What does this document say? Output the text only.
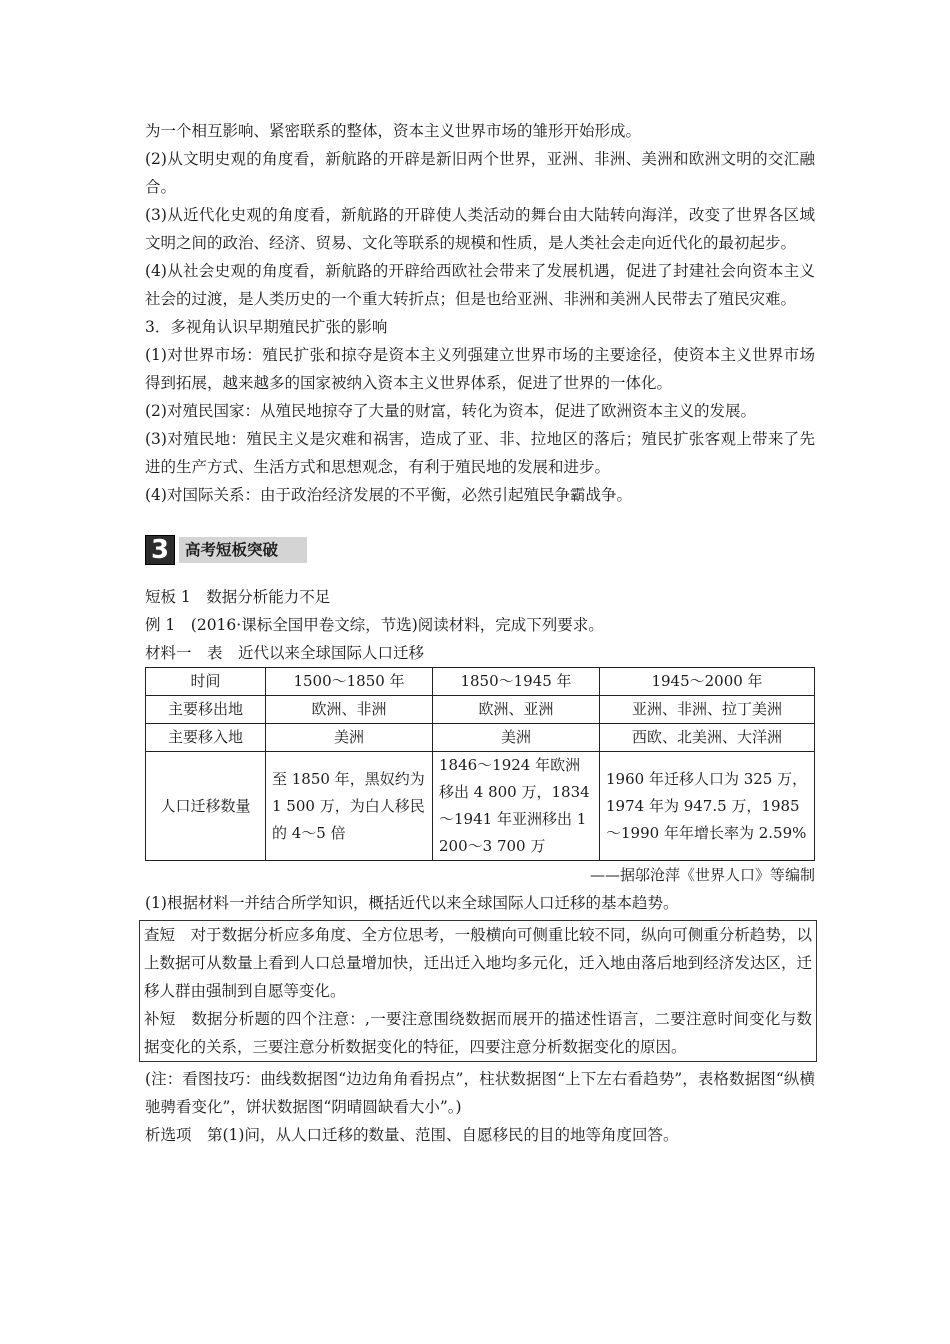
为一个相互影响、紧密联系的整体，资本主义世界市场的雏形开始形成。

(2)从文明史观的角度看，新航路的开辟是新旧两个世界，亚洲、非洲、美洲和欧洲文明的交汇融合。

(3)从近代化史观的角度看，新航路的开辟使人类活动的舞台由大陆转向海洋，改变了世界各区域文明之间的政治、经济、贸易、文化等联系的规模和性质，是人类社会走向近代化的最初起步。

(4)从社会史观的角度看，新航路的开辟给西欧社会带来了发展机遇，促进了封建社会向资本主义社会的过渡，是人类历史的一个重大转折点；但是也给亚洲、非洲和美洲人民带去了殖民灾难。

3．多视角认识早期殖民扩张的影响

(1)对世界市场：殖民扩张和掠夺是资本主义列强建立世界市场的主要途径，使资本主义世界市场得到拓展，越来越多的国家被纳入资本主义世界体系，促进了世界的一体化。

(2)对殖民国家：从殖民地掠夺了大量的财富，转化为资本，促进了欧洲资本主义的发展。

(3)对殖民地：殖民主义是灾难和祸害，造成了亚、非、拉地区的落后；殖民扩张客观上带来了先进的生产方式、生活方式和思想观念，有利于殖民地的发展和进步。

(4)对国际关系：由于政治经济发展的不平衡，必然引起殖民争霸战争。

3	高考短板突破

短板 1　数据分析能力不足

例 1　(2016·课标全国甲卷文综，节选)阅读材料，完成下列要求。

材料一　表　近代以来全球国际人口迁移

时间	1500～1850 年	1850～1945 年	1945～2000 年
主要移出地	欧洲、非洲	欧洲、亚洲	亚洲、非洲、拉丁美洲
主要移入地	美洲	美洲	西欧、北美洲、大洋洲
人口迁移数量	至 1850 年，黑奴约为 1 500 万，为白人移民的 4～5 倍	1846～1924 年欧洲移出 4 800 万，1834～1941 年亚洲移出 1 200～3 700 万	1960 年迁移人口为 325 万，1974 年为 947.5 万，1985～1990 年年增长率为 2.59%

——据邬沧萍《世界人口》等编制

(1)根据材料一并结合所学知识，概括近代以来全球国际人口迁移的基本趋势。

查短　对于数据分析应多角度、全方位思考，一般横向可侧重比较不同，纵向可侧重分析趋势，以上数据可从数量上看到人口总量增加快，迁出迁入地均多元化，迁入地由落后地到经济发达区，迁移人群由强制到自愿等变化。

补短　数据分析题的四个注意：,一要注意围绕数据而展开的描述性语言，二要注意时间变化与数据变化的关系，三要注意分析数据变化的特征，四要注意分析数据变化的原因。

(注：看图技巧：曲线数据图“边边角角看拐点”，柱状数据图“上下左右看趋势”，表格数据图“纵横驰骋看变化”，饼状数据图“阴晴圆缺看大小”。)

析选项　第(1)问，从人口迁移的数量、范围、自愿移民的目的地等角度回答。
